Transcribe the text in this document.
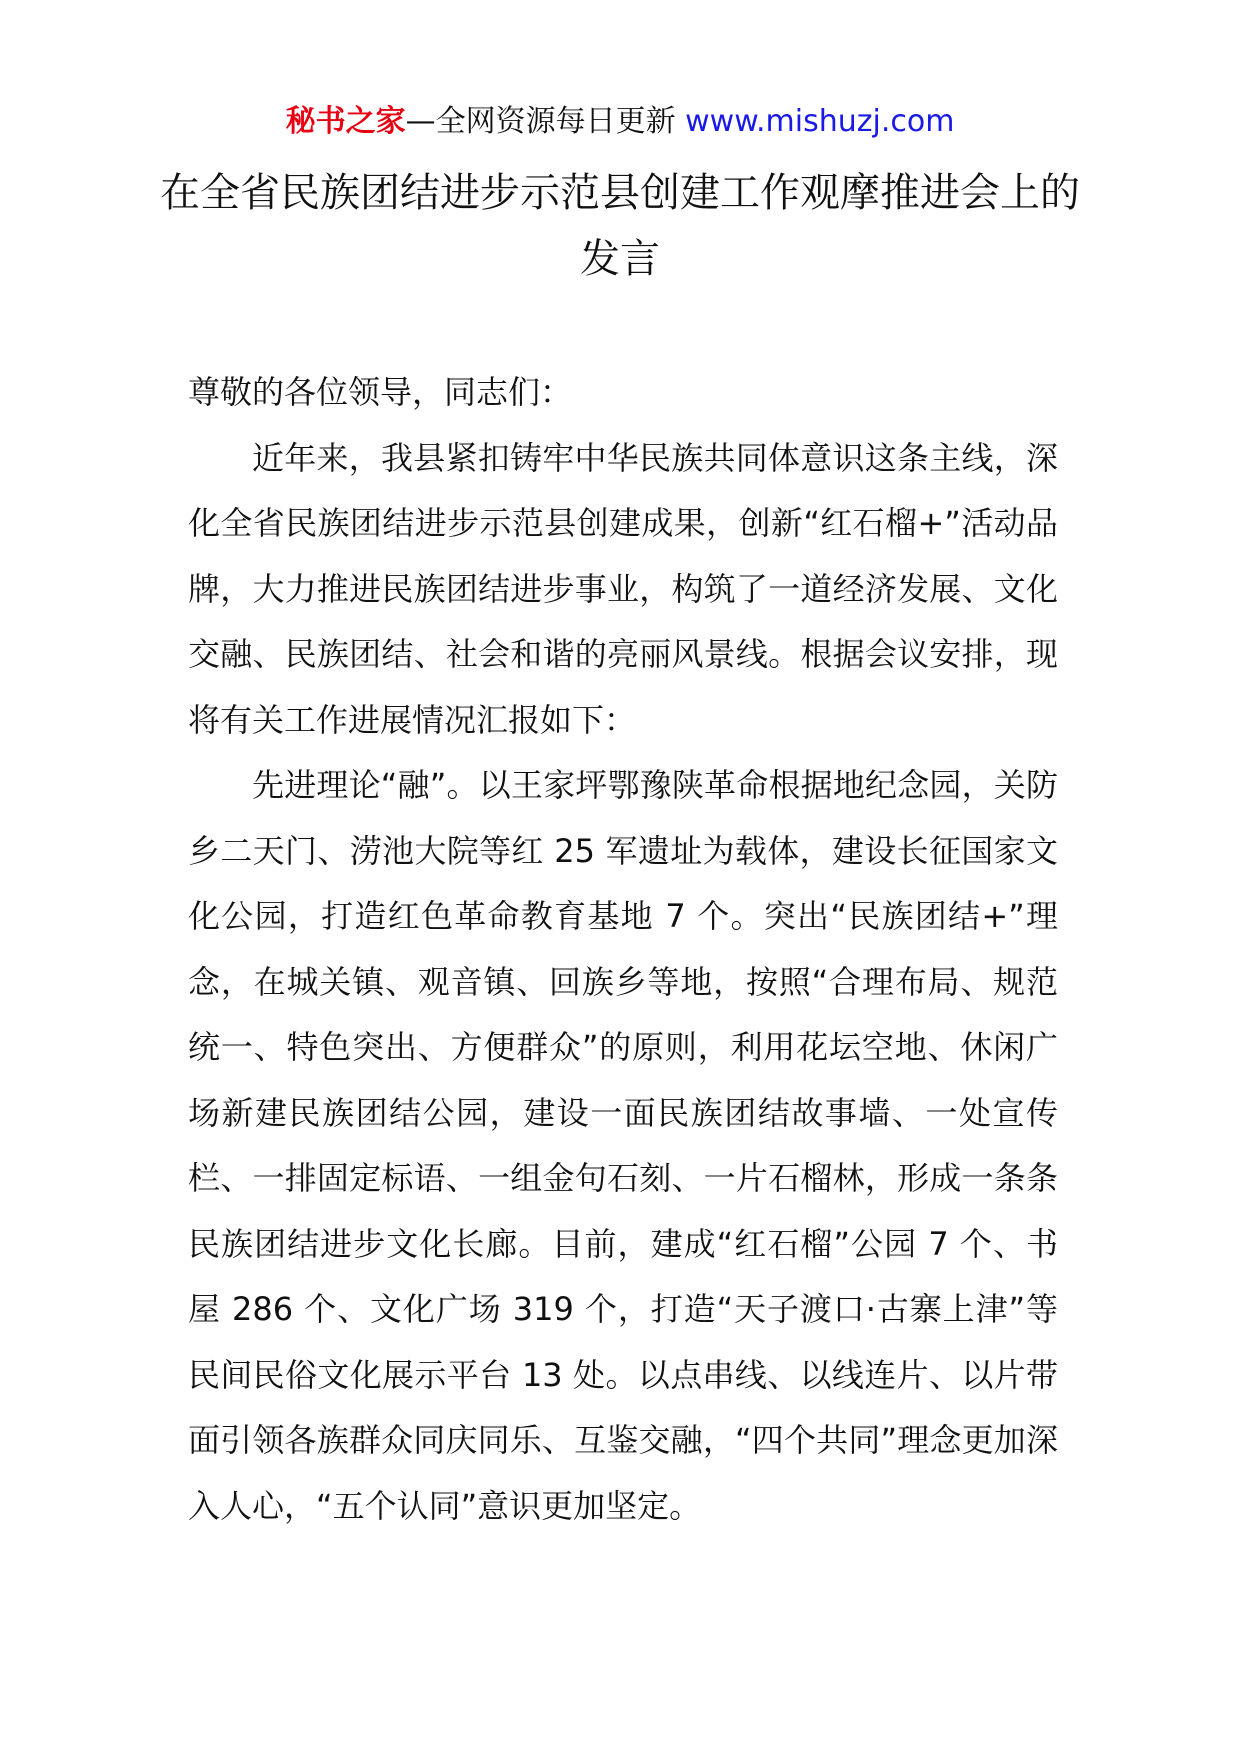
秘书之家—全网资源每日更新 www.mishuzj.com
在全省民族团结进步示范县创建工作观摩推进会上的发言

尊敬的各位领导，同志们：

近年来，我县紧扣铸牢中华民族共同体意识这条主线，深化全省民族团结进步示范县创建成果，创新“红石榴+”活动品牌，大力推进民族团结进步事业，构筑了一道经济发展、文化交融、民族团结、社会和谐的亮丽风景线。根据会议安排，现将有关工作进展情况汇报如下：

先进理论“融”。以王家坪鄂豫陕革命根据地纪念园，关防乡二天门、涝池大院等红 25 军遗址为载体，建设长征国家文化公园，打造红色革命教育基地 7 个。突出“民族团结+”理念，在城关镇、观音镇、回族乡等地，按照“合理布局、规范统一、特色突出、方便群众”的原则，利用花坛空地、休闲广场新建民族团结公园，建设一面民族团结故事墙、一处宣传栏、一排固定标语、一组金句石刻、一片石榴林，形成一条条民族团结进步文化长廊。目前，建成“红石榴”公园 7 个、书屋 286 个、文化广场 319 个，打造“天子渡口·古寨上津”等民间民俗文化展示平台 13 处。以点串线、以线连片、以片带面引领各族群众同庆同乐、互鉴交融，“四个共同”理念更加深入人心，“五个认同”意识更加坚定。
